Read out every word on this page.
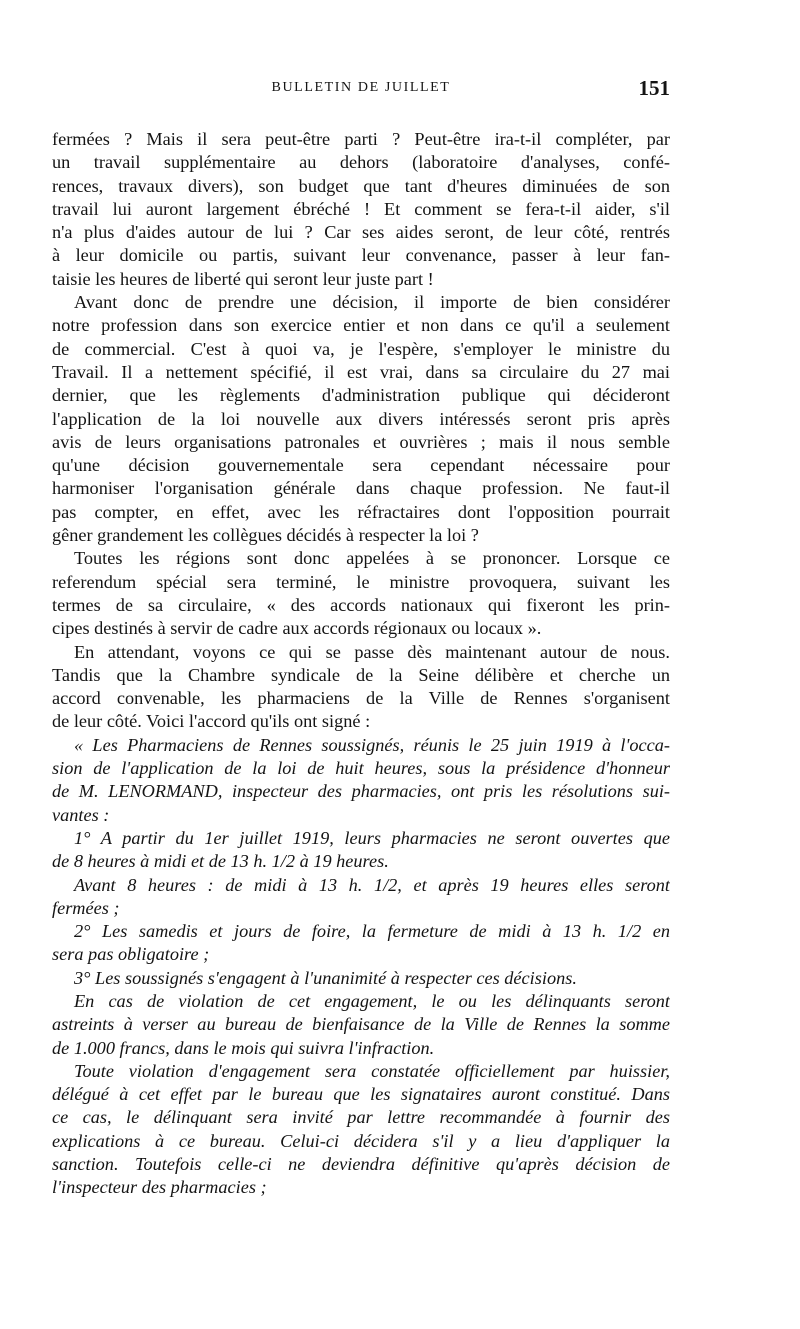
BULLETIN DE JUILLET	151
fermées ? Mais il sera peut-être parti ? Peut-être ira-t-il compléter, par
un travail supplémentaire au dehors (laboratoire d'analyses, confé-
rences, travaux divers), son budget que tant d'heures diminuées de son
travail lui auront largement ébréché ! Et comment se fera-t-il aider, s'il
n'a plus d'aides autour de lui ? Car ses aides seront, de leur côté, rentrés
à leur domicile ou partis, suivant leur convenance, passer à leur fan-
taisie les heures de liberté qui seront leur juste part !
Avant donc de prendre une décision, il importe de bien considérer
notre profession dans son exercice entier et non dans ce qu'il a seulement
de commercial. C'est à quoi va, je l'espère, s'employer le ministre du
Travail. Il a nettement spécifié, il est vrai, dans sa circulaire du 27 mai
dernier, que les règlements d'administration publique qui décideront
l'application de la loi nouvelle aux divers intéressés seront pris après
avis de leurs organisations patronales et ouvrières ; mais il nous semble
qu'une décision gouvernementale sera cependant nécessaire pour
harmoniser l'organisation générale dans chaque profession. Ne faut-il
pas compter, en effet, avec les réfractaires dont l'opposition pourrait
gêner grandement les collègues décidés à respecter la loi ?
Toutes les régions sont donc appelées à se prononcer. Lorsque ce
referendum spécial sera terminé, le ministre provoquera, suivant les
termes de sa circulaire, « des accords nationaux qui fixeront les prin-
cipes destinés à servir de cadre aux accords régionaux ou locaux ».
En attendant, voyons ce qui se passe dès maintenant autour de nous.
Tandis que la Chambre syndicale de la Seine délibère et cherche un
accord convenable, les pharmaciens de la Ville de Rennes s'organisent
de leur côté. Voici l'accord qu'ils ont signé :
« Les Pharmaciens de Rennes soussignés, réunis le 25 juin 1919 à l'occa-
sion de l'application de la loi de huit heures, sous la présidence d'honneur
de M. LENORMAND, inspecteur des pharmacies, ont pris les résolutions sui-
vantes :
1° A partir du 1er juillet 1919, leurs pharmacies ne seront ouvertes que
de 8 heures à midi et de 13 h. 1/2 à 19 heures.
Avant 8 heures : de midi à 13 h. 1/2, et après 19 heures elles seront
fermées ;
2° Les samedis et jours de foire, la fermeture de midi à 13 h. 1/2 en
sera pas obligatoire ;
3° Les soussignés s'engagent à l'unanimité à respecter ces décisions.
En cas de violation de cet engagement, le ou les délinquants seront
astreints à verser au bureau de bienfaisance de la Ville de Rennes la somme
de 1.000 francs, dans le mois qui suivra l'infraction.
Toute violation d'engagement sera constatée officiellement par huissier,
délégué à cet effet par le bureau que les signataires auront constitué. Dans
ce cas, le délinquant sera invité par lettre recommandée à fournir des
explications à ce bureau. Celui-ci décidera s'il y a lieu d'appliquer la
sanction. Toutefois celle-ci ne deviendra définitive qu'après décision de
l'inspecteur des pharmacies ;
